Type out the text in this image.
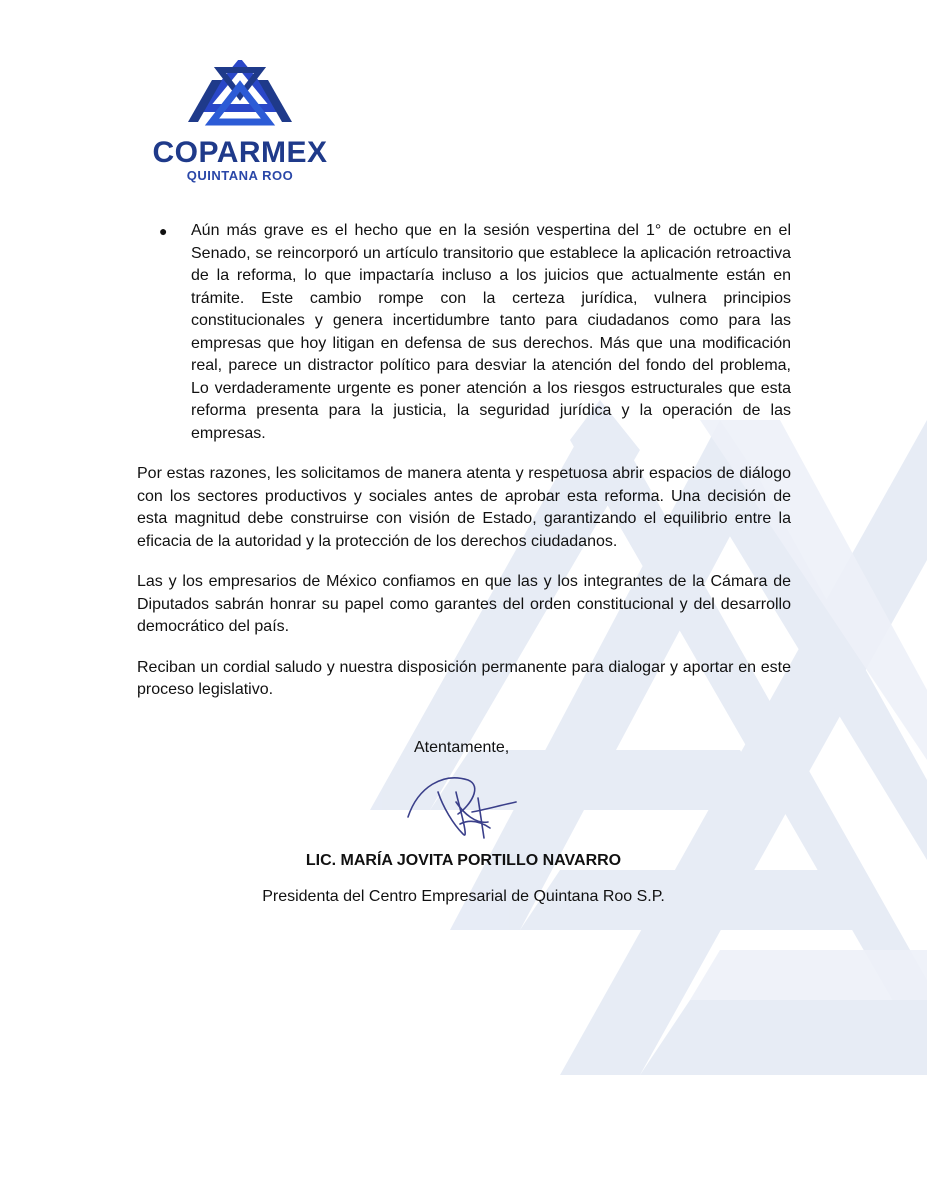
COPARMEX
QUINTANA ROO
●	Aún más grave es el hecho que en la sesión vespertina del 1° de octubre en el Senado, se reincorporó un artículo transitorio que establece la aplicación retroactiva de la reforma, lo que impactaría incluso a los juicios que actualmente están en trámite. Este cambio rompe con la certeza jurídica, vulnera principios constitucionales y genera incertidumbre tanto para ciudadanos como para las empresas que hoy litigan en defensa de sus derechos. Más que una modificación real, parece un distractor político para desviar la atención del fondo del problema, Lo verdaderamente urgente es poner atención a los riesgos estructurales que esta reforma presenta para la justicia, la seguridad jurídica y la operación de las empresas.

Por estas razones, les solicitamos de manera atenta y respetuosa abrir espacios de diálogo con los sectores productivos y sociales antes de aprobar esta reforma. Una decisión de esta magnitud debe construirse con visión de Estado, garantizando el equilibrio entre la eficacia de la autoridad y la protección de los derechos ciudadanos.

Las y los empresarios de México confiamos en que las y los integrantes de la Cámara de Diputados sabrán honrar su papel como garantes del orden constitucional y del desarrollo democrático del país.

Reciban un cordial saludo y nuestra disposición permanente para dialogar y aportar en este proceso legislativo.

Atentamente,
LIC. MARÍA JOVITA PORTILLO NAVARRO
Presidenta del Centro Empresarial de Quintana Roo S.P.
